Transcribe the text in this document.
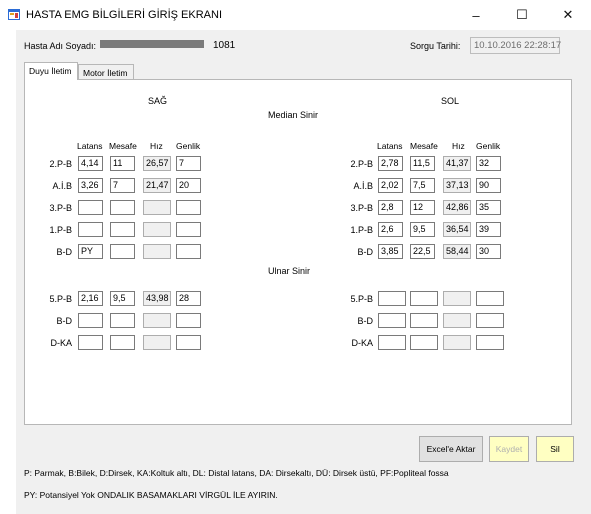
HASTA EMG BİLGİLERİ GİRİŞ EKRANI	–	☐	✕
Hasta Adı Soyadı:	1081	Sorgu Tarihi:	10.10.2016 22:28:17
Duyu İletim	Motor İletim
SAĞ	SOL
Median Sinir
Ulnar Sinir
Latans Mesafe Hız Genlik	Latans Mesafe Hız Genlik
2.P-B	4,14	11	26,57	7
A.İ.B	3,26	7	21,47	20
3.P-B
1.P-B
B-D	PY
2.P-B 2,78	11,5	41,37	32
A.İ.B 2,02	7,5	37,13	90
3.P-B 2,8	12	42,86	35
1.P-B 2,6	9,5	36,54	39
B-D 3,85	22,5	58,44	30
5.P-B	2,16	9,5	43,98	28
B-D
D-KA
5.P-B
B-D
D-KA
Excel'e Aktar	Kaydet	Sil
P: Parmak, B:Bilek, D:Dirsek, KA:Koltuk altı, DL: Distal latans, DA: Dirsekaltı, DÜ: Dirsek üstü, PF:Popliteal fossa
PY: Potansiyel Yok ONDALIK BASAMAKLARI VİRGÜL İLE AYIRIN.
